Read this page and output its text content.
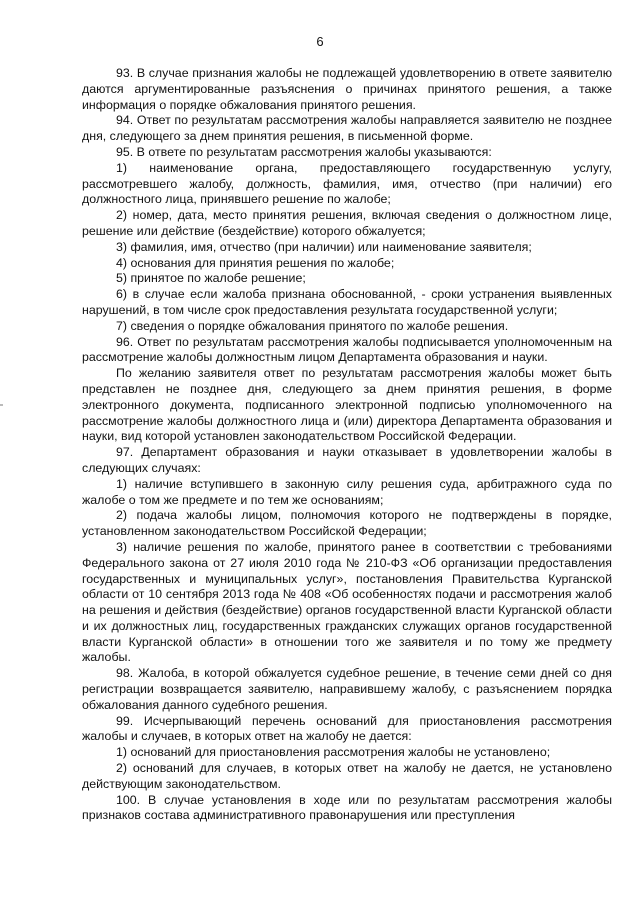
6

93. В случае признания жалобы не подлежащей удовлетворению в ответе заявителю даются аргументированные разъяснения о причинах принятого решения, а также информация о порядке обжалования принятого решения.

94. Ответ по результатам рассмотрения жалобы направляется заявителю не позднее дня, следующего за днем принятия решения, в письменной форме.

95. В ответе по результатам рассмотрения жалобы указываются:

1) наименование органа, предоставляющего государственную услугу, рассмотревшего жалобу, должность, фамилия, имя, отчество (при наличии) его должностного лица, принявшего решение по жалобе;

2) номер, дата, место принятия решения, включая сведения о должностном лице, решение или действие (бездействие) которого обжалуется;

3) фамилия, имя, отчество (при наличии) или наименование заявителя;

4) основания для принятия решения по жалобе;

5) принятое по жалобе решение;

6) в случае если жалоба признана обоснованной, - сроки устранения выявленных нарушений, в том числе срок предоставления результата государственной услуги;

7) сведения о порядке обжалования принятого по жалобе решения.

96. Ответ по результатам рассмотрения жалобы подписывается уполномоченным на рассмотрение жалобы должностным лицом Департамента образования и науки.

По желанию заявителя ответ по результатам рассмотрения жалобы может быть представлен не позднее дня, следующего за днем принятия решения, в форме электронного документа, подписанного электронной подписью уполномоченного на рассмотрение жалобы должностного лица и (или) директора Департамента образования и науки, вид которой установлен законодательством Российской Федерации.

97. Департамент образования и науки отказывает в удовлетворении жалобы в следующих случаях:

1) наличие вступившего в законную силу решения суда, арбитражного суда по жалобе о том же предмете и по тем же основаниям;

2) подача жалобы лицом, полномочия которого не подтверждены в порядке, установленном законодательством Российской Федерации;

3) наличие решения по жалобе, принятого ранее в соответствии с требованиями Федерального закона от 27 июля 2010 года № 210-ФЗ «Об организации предоставления государственных и муниципальных услуг», постановления Правительства Курганской области от 10 сентября 2013 года № 408 «Об особенностях подачи и рассмотрения жалоб на решения и действия (бездействие) органов государственной власти Курганской области и их должностных лиц, государственных гражданских служащих органов государственной власти Курганской области» в отношении того же заявителя и по тому же предмету жалобы.

98. Жалоба, в которой обжалуется судебное решение, в течение семи дней со дня регистрации возвращается заявителю, направившему жалобу, с разъяснением порядка обжалования данного судебного решения.

99. Исчерпывающий перечень оснований для приостановления рассмотрения жалобы и случаев, в которых ответ на жалобу не дается:

1) оснований для приостановления рассмотрения жалобы не установлено;

2) оснований для случаев, в которых ответ на жалобу не дается, не установлено действующим законодательством.

100. В случае установления в ходе или по результатам рассмотрения жалобы признаков состава административного правонарушения или преступления
